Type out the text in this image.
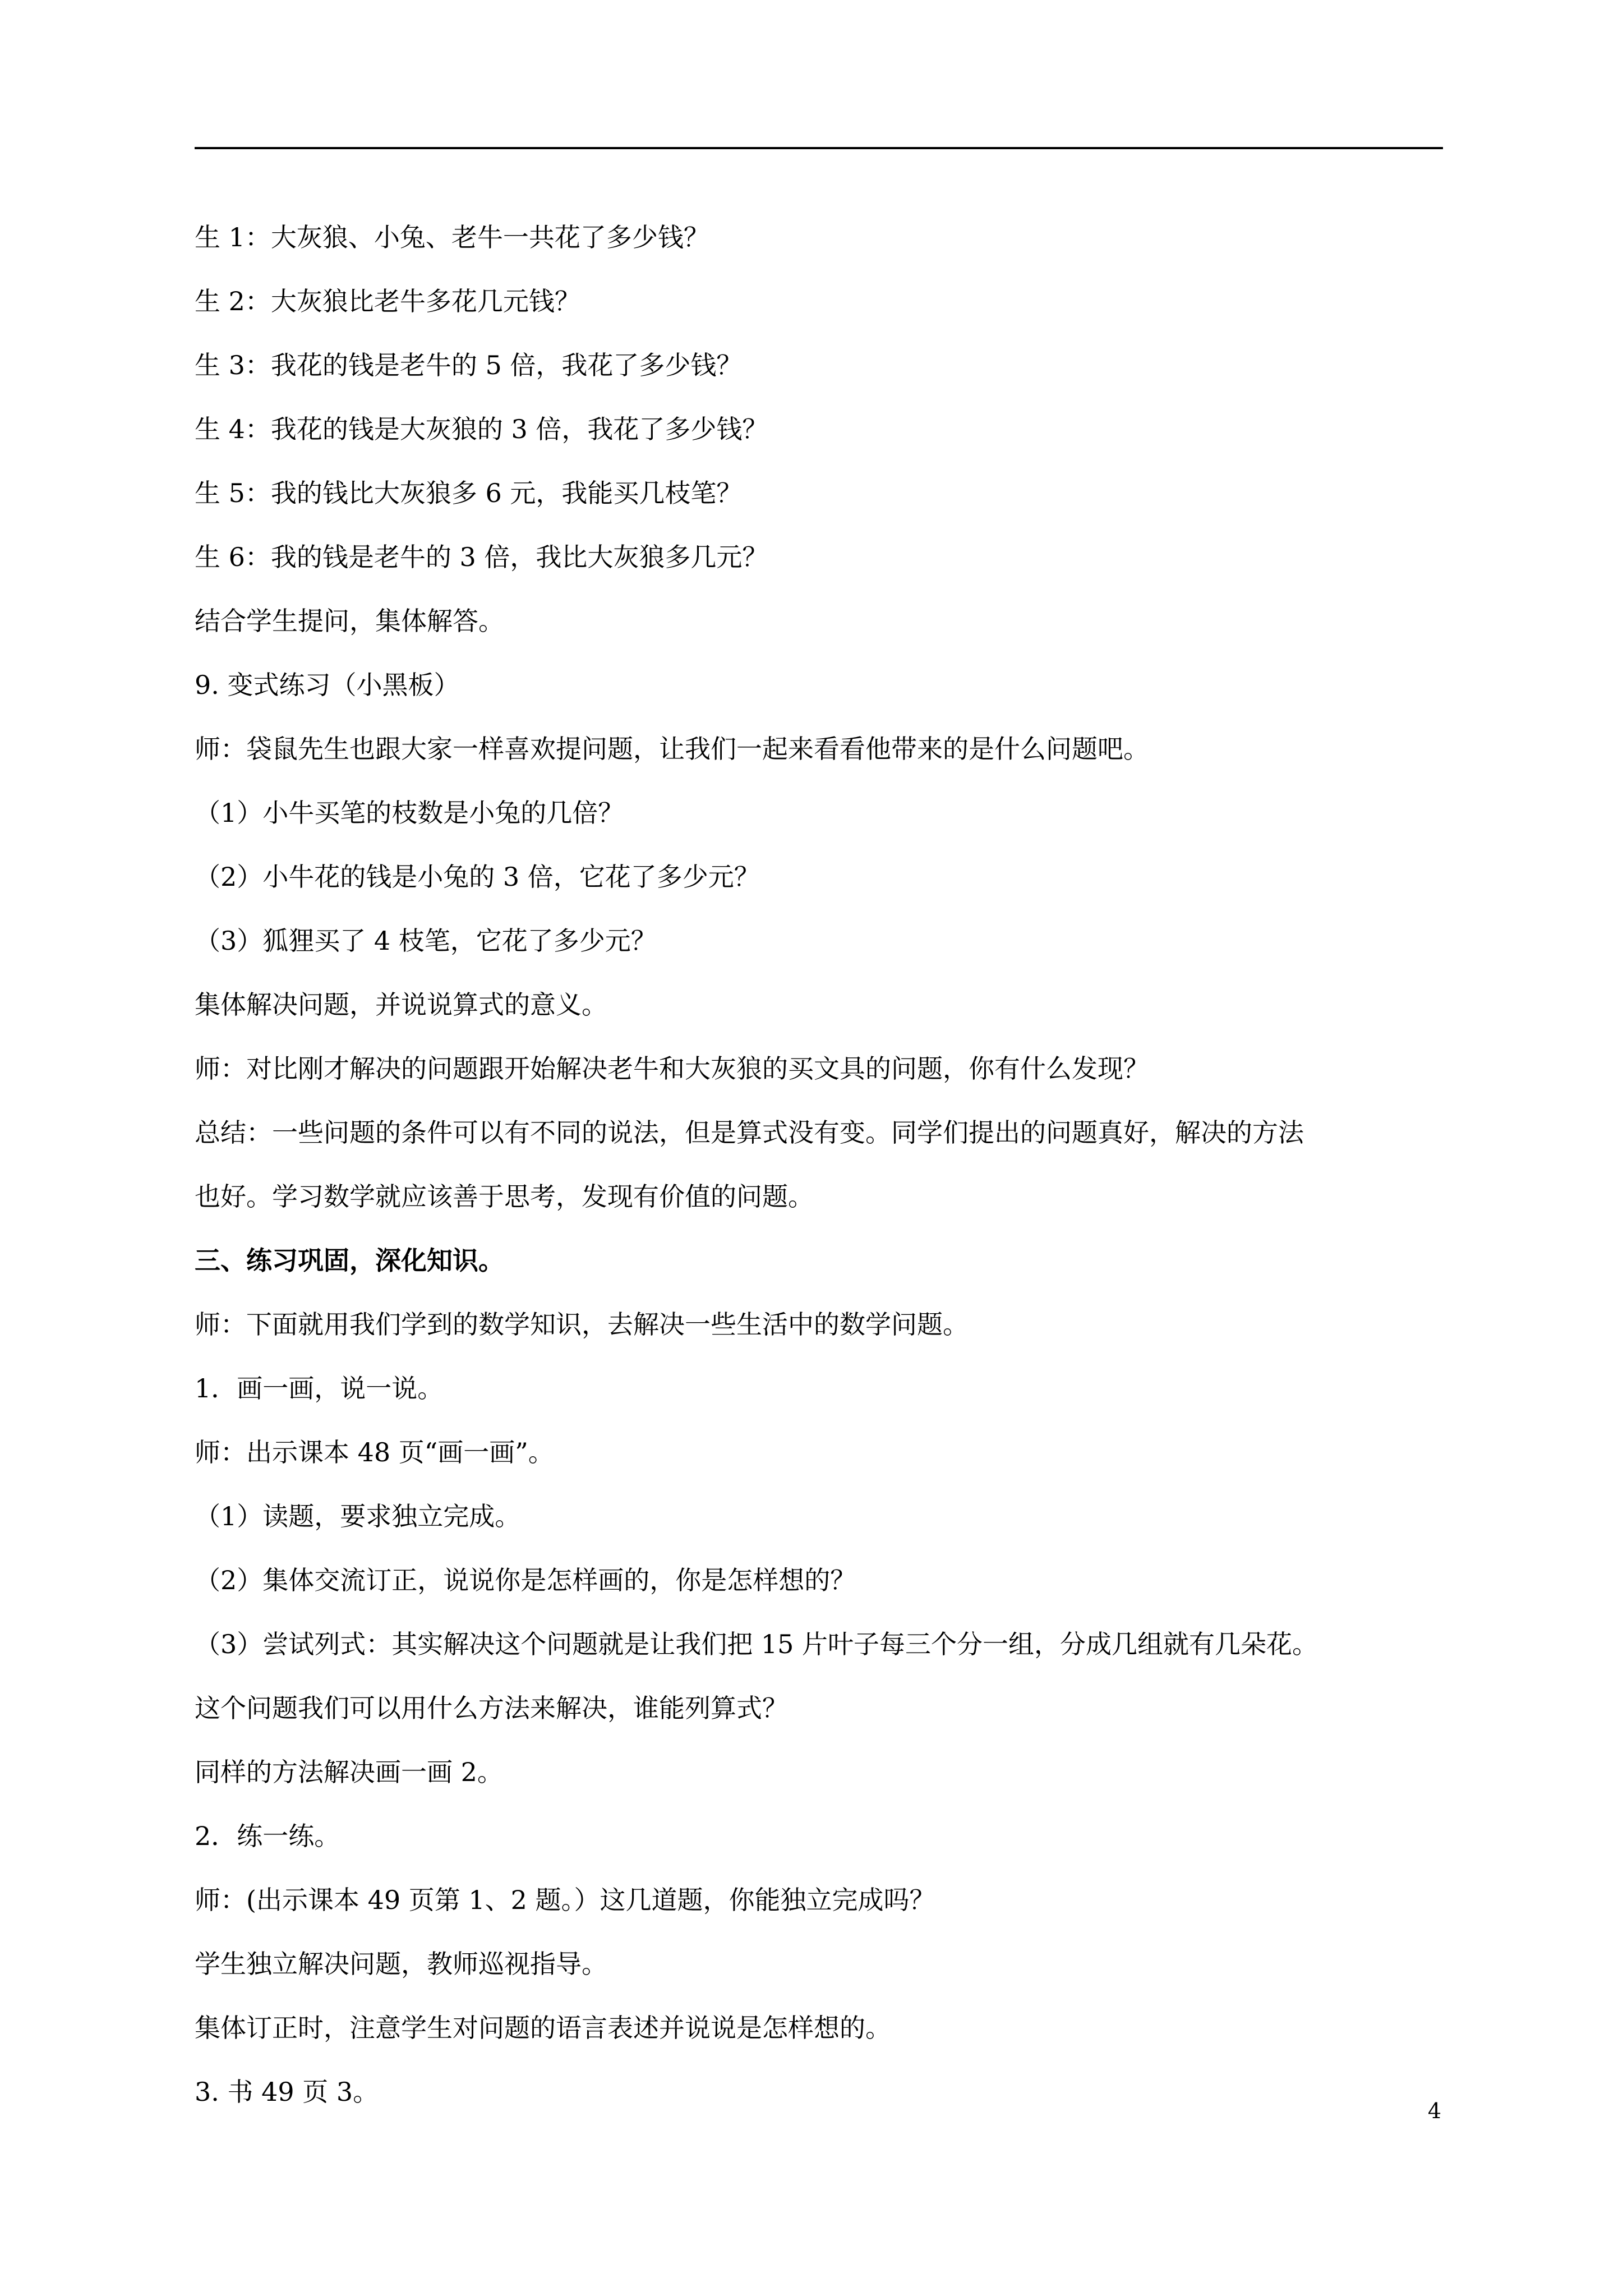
生 1：大灰狼、小兔、老牛一共花了多少钱？
生 2：大灰狼比老牛多花几元钱？
生 3：我花的钱是老牛的 5 倍，我花了多少钱？
生 4：我花的钱是大灰狼的 3 倍，我花了多少钱？
生 5：我的钱比大灰狼多 6 元，我能买几枝笔？
生 6：我的钱是老牛的 3 倍，我比大灰狼多几元？
结合学生提问，集体解答。
9. 变式练习（小黑板）
师：袋鼠先生也跟大家一样喜欢提问题，让我们一起来看看他带来的是什么问题吧。
（1）小牛买笔的枝数是小兔的几倍？
（2）小牛花的钱是小兔的 3 倍，它花了多少元？
（3）狐狸买了 4 枝笔，它花了多少元？
集体解决问题，并说说算式的意义。
师：对比刚才解决的问题跟开始解决老牛和大灰狼的买文具的问题，你有什么发现？
总结：一些问题的条件可以有不同的说法，但是算式没有变。同学们提出的问题真好，解决的方法
也好。学习数学就应该善于思考，发现有价值的问题。
三、练习巩固，深化知识。
师：下面就用我们学到的数学知识，去解决一些生活中的数学问题。
1．画一画，说一说。
师：出示课本 48 页“画一画”。
（1）读题，要求独立完成。
（2）集体交流订正，说说你是怎样画的，你是怎样想的？
（3）尝试列式：其实解决这个问题就是让我们把 15 片叶子每三个分一组，分成几组就有几朵花。
这个问题我们可以用什么方法来解决，谁能列算式？
同样的方法解决画一画 2。
2．练一练。
师：(出示课本 49 页第 1、2 题。）这几道题，你能独立完成吗？
学生独立解决问题，教师巡视指导。
集体订正时，注意学生对问题的语言表述并说说是怎样想的。
3. 书 49 页 3。
4
